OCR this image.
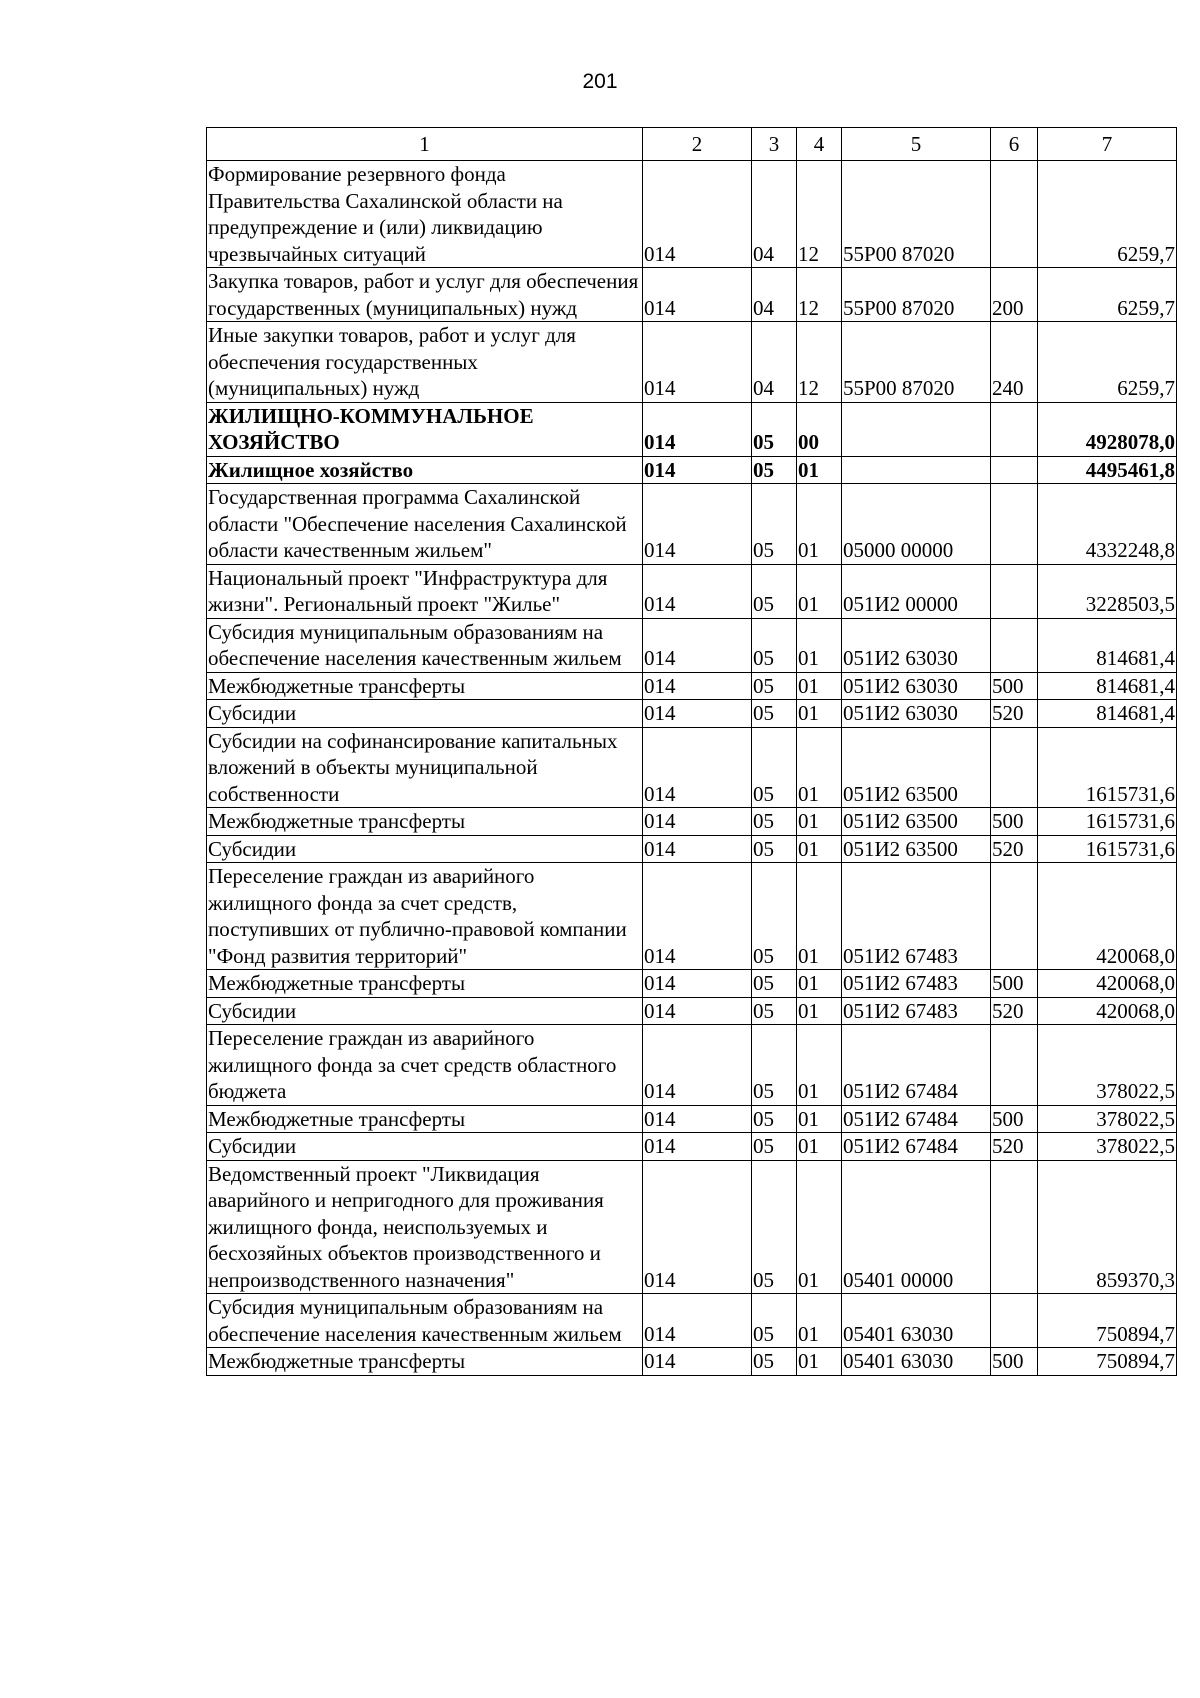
201
1	2	3	4	5	6	7
Формирование резервного фонда Правительства Сахалинской области на предупреждение и (или) ликвидацию чрезвычайных ситуаций	014	04	12	55Р00 87020		6259,7
Закупка товаров, работ и услуг для обеспечения государственных (муниципальных) нужд	014	04	12	55Р00 87020	200	6259,7
Иные закупки товаров, работ и услуг для обеспечения государственных (муниципальных) нужд	014	04	12	55Р00 87020	240	6259,7
ЖИЛИЩНО-КОММУНАЛЬНОЕ ХОЗЯЙСТВО	014	05	00			4928078,0
Жилищное хозяйство	014	05	01			4495461,8
Государственная программа Сахалинской области "Обеспечение населения Сахалинской области качественным жильем"	014	05	01	05000 00000		4332248,8
Национальный проект "Инфраструктура для жизни". Региональный проект "Жилье"	014	05	01	051И2 00000		3228503,5
Субсидия муниципальным образованиям на обеспечение населения качественным жильем	014	05	01	051И2 63030		814681,4
Межбюджетные трансферты	014	05	01	051И2 63030	500	814681,4
Субсидии	014	05	01	051И2 63030	520	814681,4
Субсидии на софинансирование капитальных вложений в объекты муниципальной собственности	014	05	01	051И2 63500		1615731,6
Межбюджетные трансферты	014	05	01	051И2 63500	500	1615731,6
Субсидии	014	05	01	051И2 63500	520	1615731,6
Переселение граждан из аварийного жилищного фонда за счет средств, поступивших от публично-правовой компании "Фонд развития территорий"	014	05	01	051И2 67483		420068,0
Межбюджетные трансферты	014	05	01	051И2 67483	500	420068,0
Субсидии	014	05	01	051И2 67483	520	420068,0
Переселение граждан из аварийного жилищного фонда за счет средств областного бюджета	014	05	01	051И2 67484		378022,5
Межбюджетные трансферты	014	05	01	051И2 67484	500	378022,5
Субсидии	014	05	01	051И2 67484	520	378022,5
Ведомственный проект "Ликвидация аварийного и непригодного для проживания жилищного фонда, неиспользуемых и бесхозяйных объектов производственного и непроизводственного назначения"	014	05	01	05401 00000		859370,3
Субсидия муниципальным образованиям на обеспечение населения качественным жильем	014	05	01	05401 63030		750894,7
Межбюджетные трансферты	014	05	01	05401 63030	500	750894,7
